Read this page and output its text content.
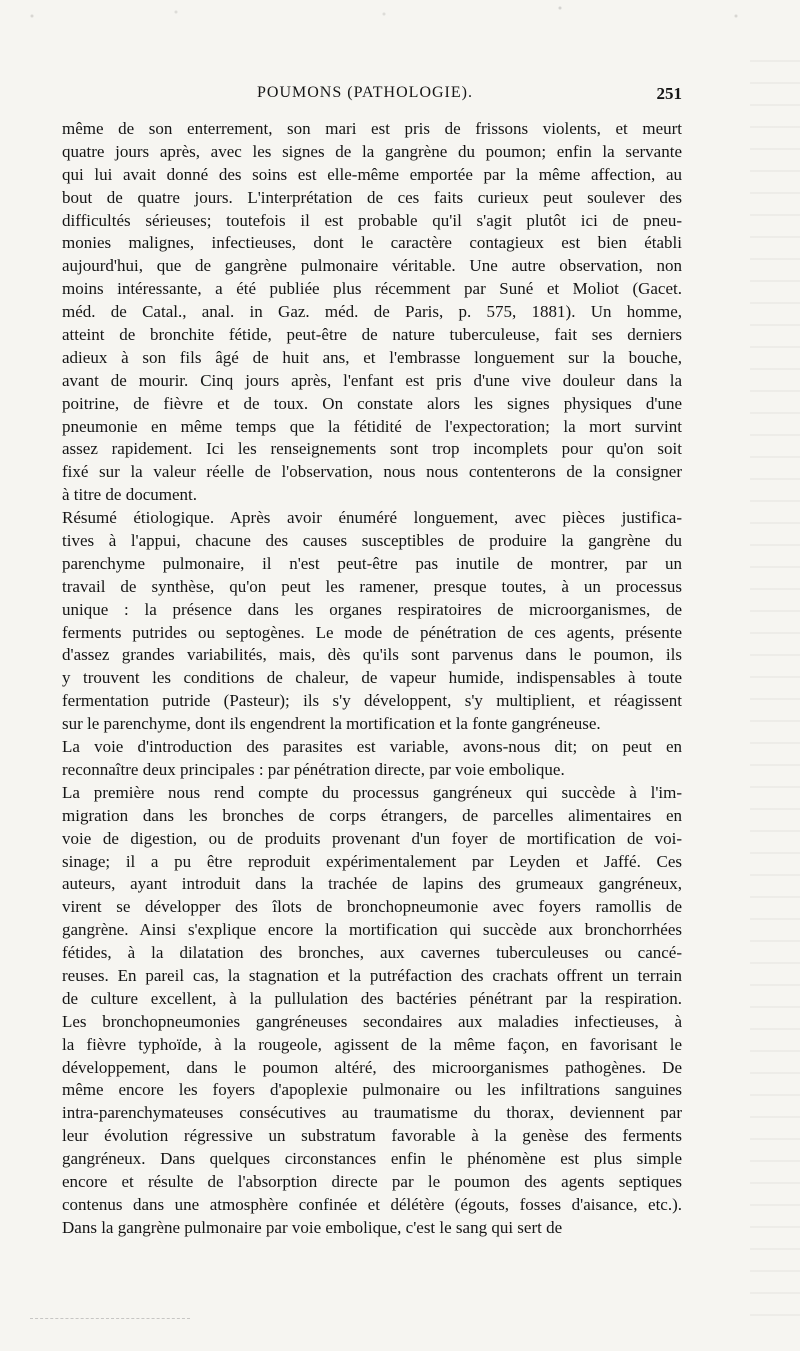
POUMONS (PATHOLOGIE).	251
même de son enterrement, son mari est pris de frissons violents, et meurt
quatre jours après, avec les signes de la gangrène du poumon; enfin la servante
qui lui avait donné des soins est elle-même emportée par la même affection, au
bout de quatre jours. L'interprétation de ces faits curieux peut soulever des
difficultés sérieuses; toutefois il est probable qu'il s'agit plutôt ici de pneu-
monies malignes, infectieuses, dont le caractère contagieux est bien établi
aujourd'hui, que de gangrène pulmonaire véritable. Une autre observation, non
moins intéressante, a été publiée plus récemment par Suné et Moliot (Gacet.
méd. de Catal., anal. in Gaz. méd. de Paris, p. 575, 1881). Un homme,
atteint de bronchite fétide, peut-être de nature tuberculeuse, fait ses derniers
adieux à son fils âgé de huit ans, et l'embrasse longuement sur la bouche,
avant de mourir. Cinq jours après, l'enfant est pris d'une vive douleur dans la
poitrine, de fièvre et de toux. On constate alors les signes physiques d'une
pneumonie en même temps que la fétidité de l'expectoration; la mort survint
assez rapidement. Ici les renseignements sont trop incomplets pour qu'on soit
fixé sur la valeur réelle de l'observation, nous nous contenterons de la consigner
à titre de document.
Résumé étiologique. Après avoir énuméré longuement, avec pièces justifica-
tives à l'appui, chacune des causes susceptibles de produire la gangrène du
parenchyme pulmonaire, il n'est peut-être pas inutile de montrer, par un
travail de synthèse, qu'on peut les ramener, presque toutes, à un processus
unique : la présence dans les organes respiratoires de microorganismes, de
ferments putrides ou septogènes. Le mode de pénétration de ces agents, présente
d'assez grandes variabilités, mais, dès qu'ils sont parvenus dans le poumon, ils
y trouvent les conditions de chaleur, de vapeur humide, indispensables à toute
fermentation putride (Pasteur); ils s'y développent, s'y multiplient, et réagissent
sur le parenchyme, dont ils engendrent la mortification et la fonte gangréneuse.
La voie d'introduction des parasites est variable, avons-nous dit; on peut en
reconnaître deux principales : par pénétration directe, par voie embolique.
La première nous rend compte du processus gangréneux qui succède à l'im-
migration dans les bronches de corps étrangers, de parcelles alimentaires en
voie de digestion, ou de produits provenant d'un foyer de mortification de voi-
sinage; il a pu être reproduit expérimentalement par Leyden et Jaffé. Ces
auteurs, ayant introduit dans la trachée de lapins des grumeaux gangréneux,
virent se développer des îlots de bronchopneumonie avec foyers ramollis de
gangrène. Ainsi s'explique encore la mortification qui succède aux bronchorrhées
fétides, à la dilatation des bronches, aux cavernes tuberculeuses ou cancé-
reuses. En pareil cas, la stagnation et la putréfaction des crachats offrent un terrain
de culture excellent, à la pullulation des bactéries pénétrant par la respiration.
Les bronchopneumonies gangréneuses secondaires aux maladies infectieuses, à
la fièvre typhoïde, à la rougeole, agissent de la même façon, en favorisant le
développement, dans le poumon altéré, des microorganismes pathogènes. De
même encore les foyers d'apoplexie pulmonaire ou les infiltrations sanguines
intra-parenchymateuses consécutives au traumatisme du thorax, deviennent par
leur évolution régressive un substratum favorable à la genèse des ferments
gangréneux. Dans quelques circonstances enfin le phénomène est plus simple
encore et résulte de l'absorption directe par le poumon des agents septiques
contenus dans une atmosphère confinée et délétère (égouts, fosses d'aisance, etc.).
Dans la gangrène pulmonaire par voie embolique, c'est le sang qui sert de
